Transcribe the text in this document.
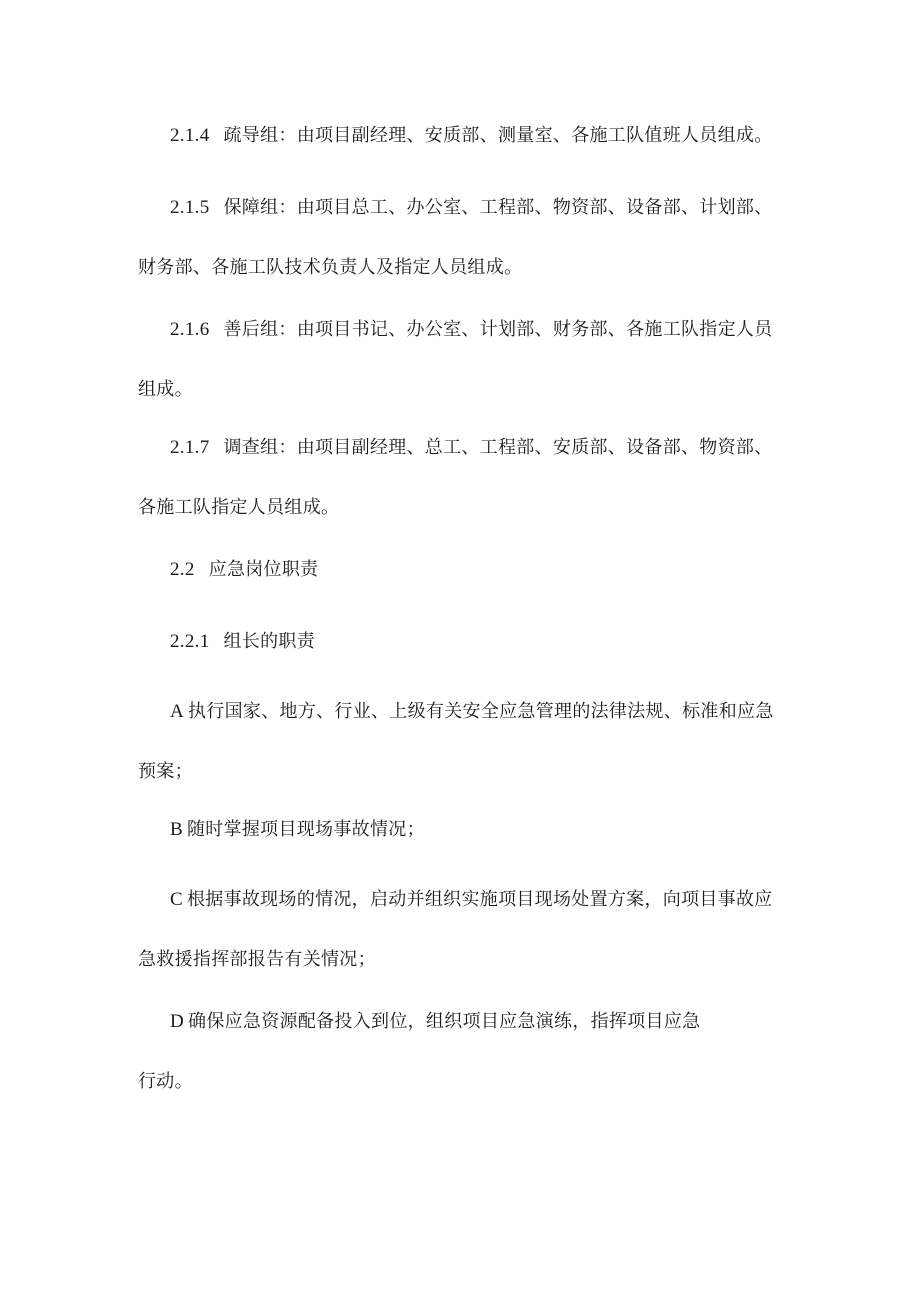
2.1.4 疏导组：由项目副经理、安质部、测量室、各施工队值班人员组成。
2.1.5 保障组：由项目总工、办公室、工程部、物资部、设备部、计划部、
财务部、各施工队技术负责人及指定人员组成。
2.1.6 善后组：由项目书记、办公室、计划部、财务部、各施工队指定人员
组成。
2.1.7 调查组：由项目副经理、总工、工程部、安质部、设备部、物资部、
各施工队指定人员组成。
2.2 应急岗位职责
2.2.1 组长的职责
A 执行国家、地方、行业、上级有关安全应急管理的法律法规、标准和应急
预案；
B 随时掌握项目现场事故情况；
C 根据事故现场的情况，启动并组织实施项目现场处置方案，向项目事故应
急救援指挥部报告有关情况；
D 确保应急资源配备投入到位，组织项目应急演练，指挥项目应急
行动。
